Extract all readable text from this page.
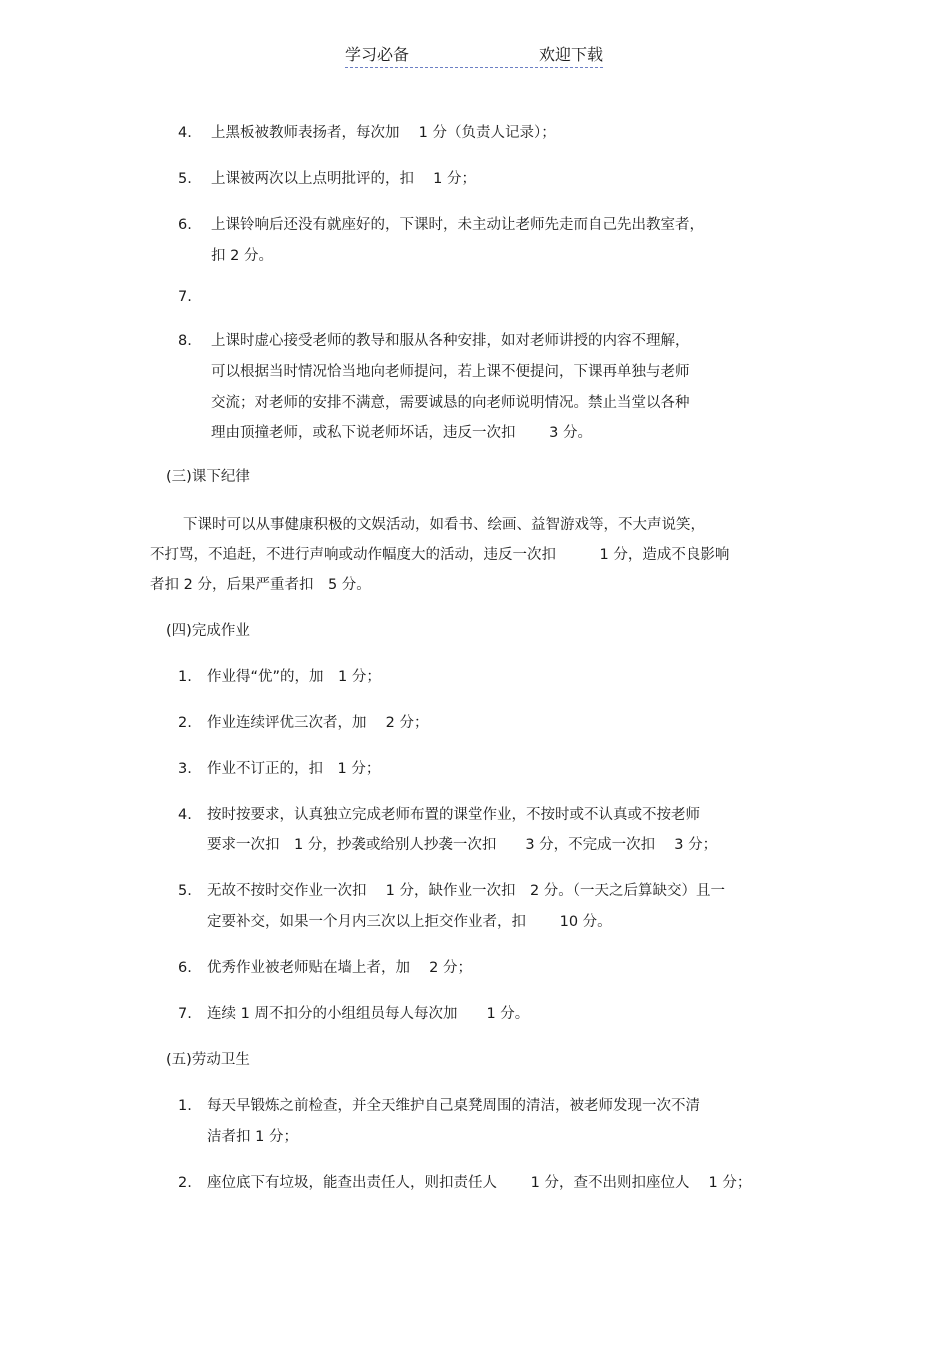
学习必备	欢迎下载
4. 上黑板被教师表扬者，每次加　 1 分（负责人记录）；
5. 上课被两次以上点明批评的，扣　 1 分；
6. 上课铃响后还没有就座好的，下课时，未主动让老师先走而自己先出教室者，
扣 2 分。
7.
8. 上课时虚心接受老师的教导和服从各种安排，如对老师讲授的内容不理解，
可以根据当时情况恰当地向老师提问，若上课不便提问，下课再单独与老师
交流；对老师的安排不满意，需要诚恳的向老师说明情况。禁止当堂以各种
理由顶撞老师，或私下说老师坏话，违反一次扣　　 3 分。
(三)课下纪律
下课时可以从事健康积极的文娱活动，如看书、绘画、益智游戏等，不大声说笑，
不打骂，不追赶，不进行声响或动作幅度大的活动，违反一次扣　　　1 分，造成不良影响
者扣 2 分，后果严重者扣　5 分。
(四)完成作业
1. 作业得“优”的，加　1 分；
2. 作业连续评优三次者，加　 2 分；
3. 作业不订正的，扣　1 分；
4. 按时按要求，认真独立完成老师布置的课堂作业，不按时或不认真或不按老师
要求一次扣　1 分，抄袭或给别人抄袭一次扣　　3 分，不完成一次扣　 3 分；
5. 无故不按时交作业一次扣　 1 分，缺作业一次扣　2 分。（一天之后算缺交）且一
定要补交，如果一个月内三次以上拒交作业者，扣　　 10 分。
6. 优秀作业被老师贴在墙上者，加　 2 分；
7. 连续 1 周不扣分的小组组员每人每次加　　1 分。
(五)劳动卫生
1. 每天早锻炼之前检查，并全天维护自己桌凳周围的清洁，被老师发现一次不清
洁者扣 1 分；
2. 座位底下有垃圾，能查出责任人，则扣责任人　　 1 分，查不出则扣座位人　 1 分；
